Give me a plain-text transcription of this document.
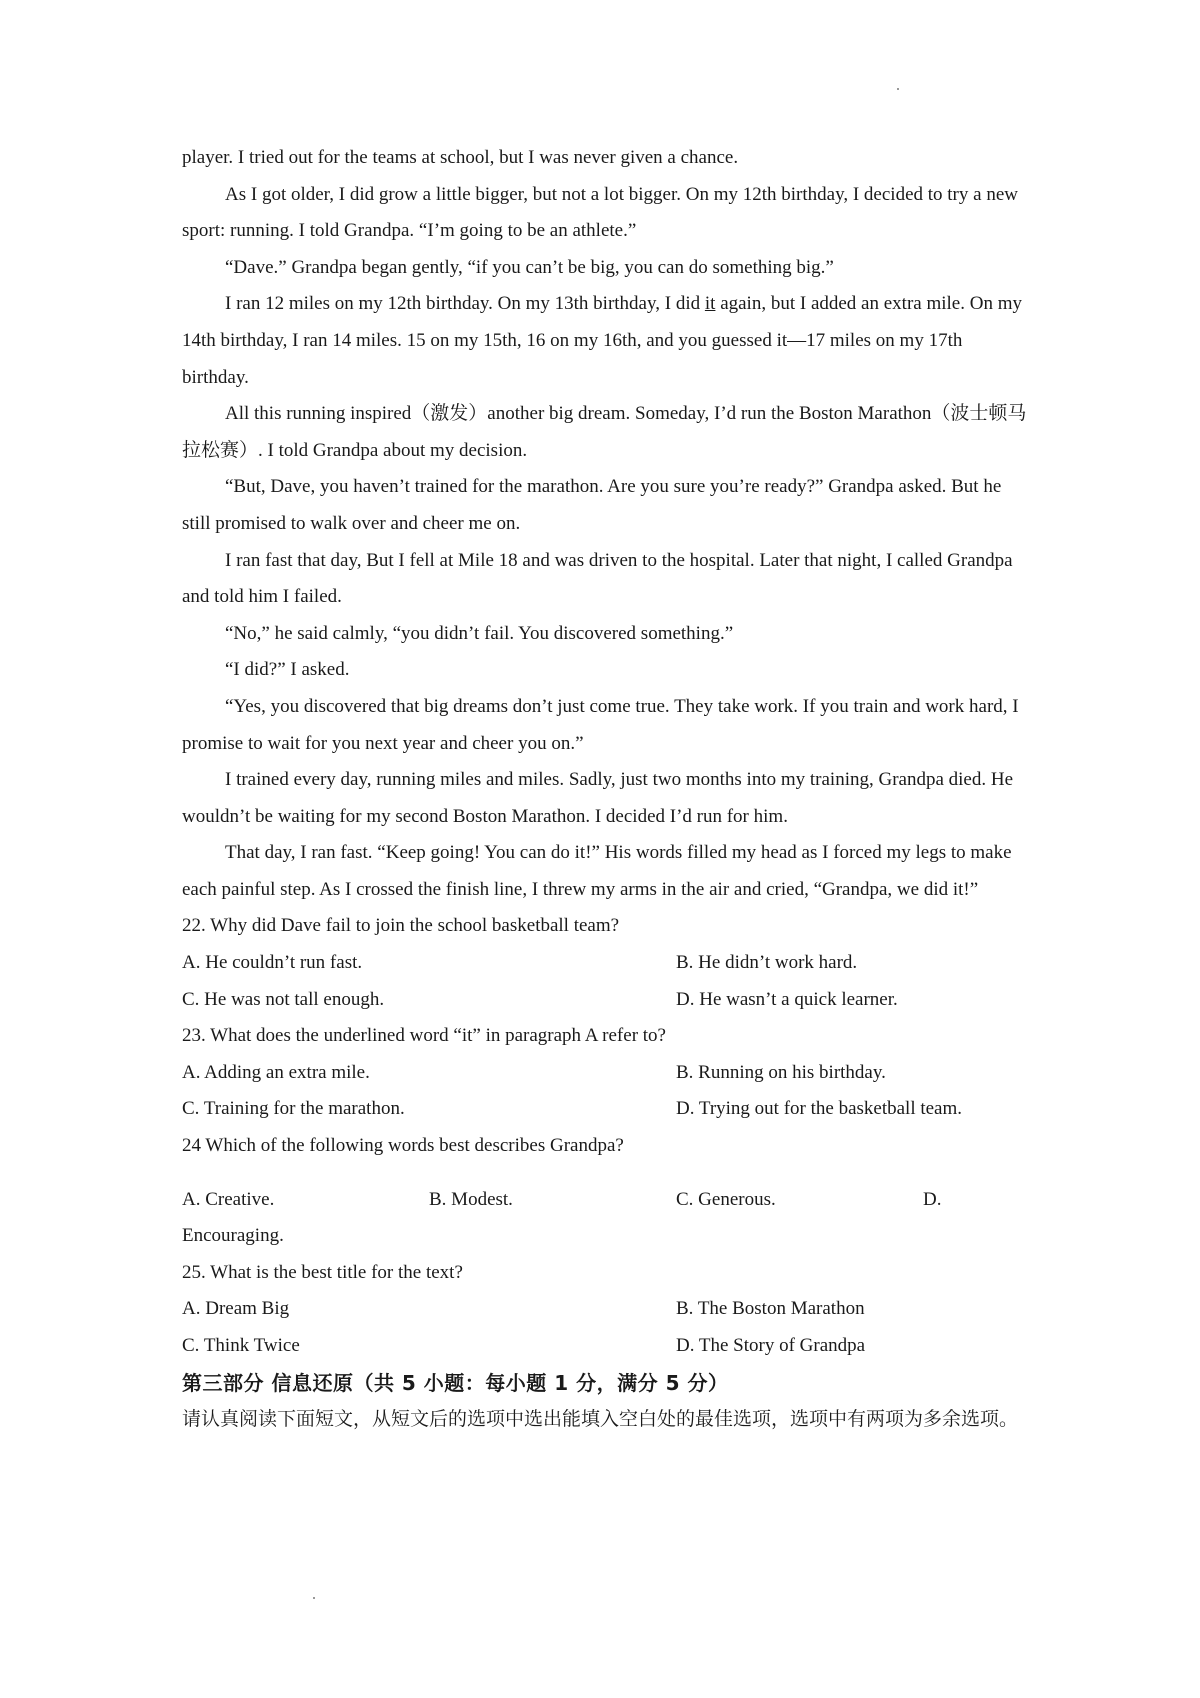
player. I tried out for the teams at school, but I was never given a chance.

As I got older, I did grow a little bigger, but not a lot bigger. On my 12th birthday, I decided to try a new sport: running. I told Grandpa. “I’m going to be an athlete.”

“Dave.” Grandpa began gently, “if you can’t be big, you can do something big.”

I ran 12 miles on my 12th birthday. On my 13th birthday, I did it again, but I added an extra mile. On my 14th birthday, I ran 14 miles. 15 on my 15th, 16 on my 16th, and you guessed it—17 miles on my 17th birthday.

All this running inspired（激发）another big dream. Someday, I’d run the Boston Marathon（波士顿马拉松赛）. I told Grandpa about my decision.

“But, Dave, you haven’t trained for the marathon. Are you sure you’re ready?” Grandpa asked. But he still promised to walk over and cheer me on.

I ran fast that day, But I fell at Mile 18 and was driven to the hospital. Later that night, I called Grandpa and told him I failed.

“No,” he said calmly, “you didn’t fail. You discovered something.”

“I did?” I asked.

“Yes, you discovered that big dreams don’t just come true. They take work. If you train and work hard, I promise to wait for you next year and cheer you on.”

I trained every day, running miles and miles. Sadly, just two months into my training, Grandpa died. He wouldn’t be waiting for my second Boston Marathon. I decided I’d run for him.

That day, I ran fast. “Keep going! You can do it!” His words filled my head as I forced my legs to make each painful step. As I crossed the finish line, I threw my arms in the air and cried, “Grandpa, we did it!”

22. Why did Dave fail to join the school basketball team?

A. He couldn’t run fast.	B. He didn’t work hard.
C. He was not tall enough.	D. He wasn’t a quick learner.

23. What does the underlined word “it” in paragraph A refer to?

A. Adding an extra mile.	B. Running on his birthday.
C. Training for the marathon.	D. Trying out for the basketball team.

24 Which of the following words best describes Grandpa?

A. Creative.	B. Modest.	C. Generous.	D.

Encouraging.

25. What is the best title for the text?

A. Dream Big	B. The Boston Marathon
C. Think Twice	D. The Story of Grandpa

第三部分 信息还原（共 5 小题：每小题 1 分，满分 5 分）

请认真阅读下面短文，从短文后的选项中选出能填入空白处的最佳选项，选项中有两项为多余选项。
